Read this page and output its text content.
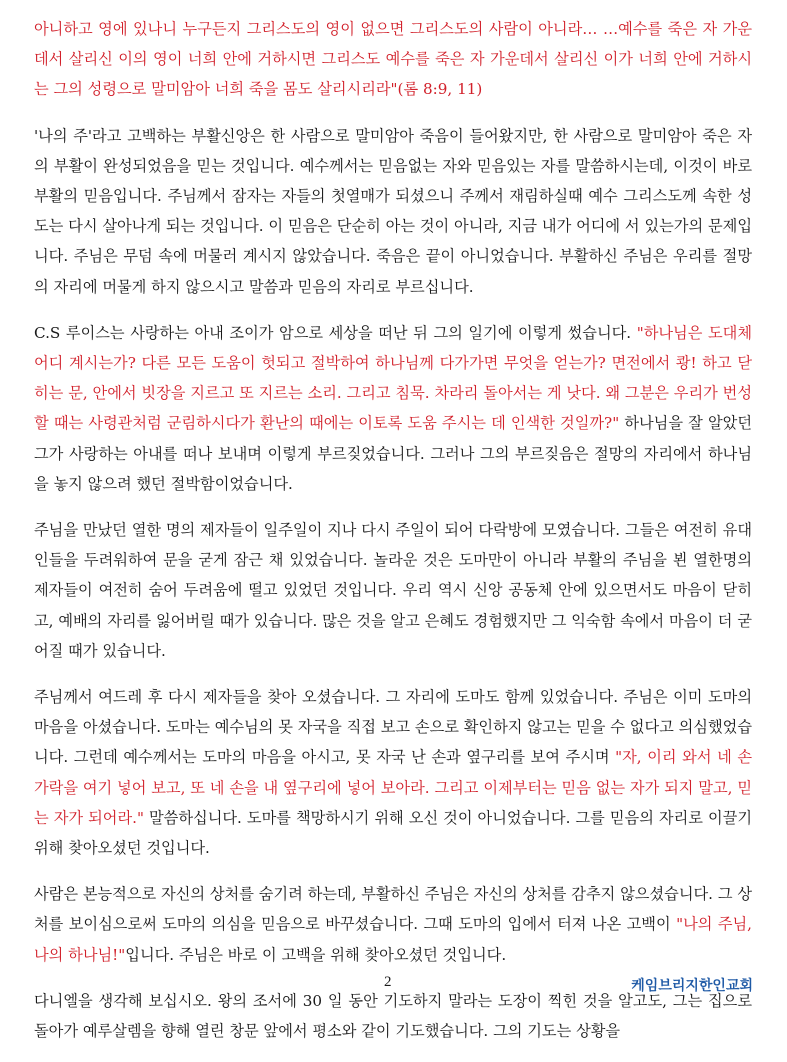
아니하고 영에 있나니 누구든지 그리스도의 영이 없으면 그리스도의 사람이 아니라… …예수를 죽은 자 가운데서 살리신 이의 영이 너희 안에 거하시면 그리스도 예수를 죽은 자 가운데서 살리신 이가 너희 안에 거하시는 그의 성령으로 말미암아 너희 죽을 몸도 살리시리라"(롬 8:9, 11)

'나의 주'라고 고백하는 부활신앙은 한 사람으로 말미암아 죽음이 들어왔지만, 한 사람으로 말미암아 죽은 자의 부활이 완성되었음을 믿는 것입니다. 예수께서는 믿음없는 자와 믿음있는 자를 말씀하시는데, 이것이 바로 부활의 믿음입니다. 주님께서 잠자는 자들의 첫열매가 되셨으니 주께서 재림하실때 예수 그리스도께 속한 성도는 다시 살아나게 되는 것입니다. 이 믿음은 단순히 아는 것이 아니라, 지금 내가 어디에 서 있는가의 문제입니다. 주님은 무덤 속에 머물러 계시지 않았습니다. 죽음은 끝이 아니었습니다. 부활하신 주님은 우리를 절망의 자리에 머물게 하지 않으시고 말씀과 믿음의 자리로 부르십니다.

C.S 루이스는 사랑하는 아내 조이가 암으로 세상을 떠난 뒤 그의 일기에 이렇게 썼습니다. "하나님은 도대체 어디 계시는가? 다른 모든 도움이 헛되고 절박하여 하나님께 다가가면 무엇을 얻는가? 면전에서 쾅! 하고 닫히는 문, 안에서 빗장을 지르고 또 지르는 소리. 그리고 침묵. 차라리 돌아서는 게 낫다. 왜 그분은 우리가 번성할 때는 사령관처럼 군림하시다가 환난의 때에는 이토록 도움 주시는 데 인색한 것일까?" 하나님을 잘 알았던 그가 사랑하는 아내를 떠나 보내며 이렇게 부르짖었습니다. 그러나 그의 부르짖음은 절망의 자리에서 하나님을 놓지 않으려 했던 절박함이었습니다.

주님을 만났던 열한 명의 제자들이 일주일이 지나 다시 주일이 되어 다락방에 모였습니다. 그들은 여전히 유대인들을 두려워하여 문을 굳게 잠근 채 있었습니다. 놀라운 것은 도마만이 아니라 부활의 주님을 뵌 열한명의 제자들이 여전히 숨어 두려움에 떨고 있었던 것입니다. 우리 역시 신앙 공동체 안에 있으면서도 마음이 닫히고, 예배의 자리를 잃어버릴 때가 있습니다. 많은 것을 알고 은혜도 경험했지만 그 익숙함 속에서 마음이 더 굳어질 때가 있습니다.

주님께서 여드레 후 다시 제자들을 찾아 오셨습니다. 그 자리에 도마도 함께 있었습니다. 주님은 이미 도마의 마음을 아셨습니다. 도마는 예수님의 못 자국을 직접 보고 손으로 확인하지 않고는 믿을 수 없다고 의심했었습니다. 그런데 예수께서는 도마의 마음을 아시고, 못 자국 난 손과 옆구리를 보여 주시며 "자, 이리 와서 네 손가락을 여기 넣어 보고, 또 네 손을 내 옆구리에 넣어 보아라. 그리고 이제부터는 믿음 없는 자가 되지 말고, 믿는 자가 되어라." 말씀하십니다. 도마를 책망하시기 위해 오신 것이 아니었습니다. 그를 믿음의 자리로 이끌기 위해 찾아오셨던 것입니다.

사람은 본능적으로 자신의 상처를 숨기려 하는데, 부활하신 주님은 자신의 상처를 감추지 않으셨습니다. 그 상처를 보이심으로써 도마의 의심을 믿음으로 바꾸셨습니다. 그때 도마의 입에서 터져 나온 고백이 "나의 주님, 나의 하나님!"입니다. 주님은 바로 이 고백을 위해 찾아오셨던 것입니다.

다니엘을 생각해 보십시오. 왕의 조서에 30 일 동안 기도하지 말라는 도장이 찍힌 것을 알고도, 그는 집으로 돌아가 예루살렘을 향해 열린 창문 앞에서 평소와 같이 기도했습니다. 그의 기도는 상황을

2	케임브리지한인교회
